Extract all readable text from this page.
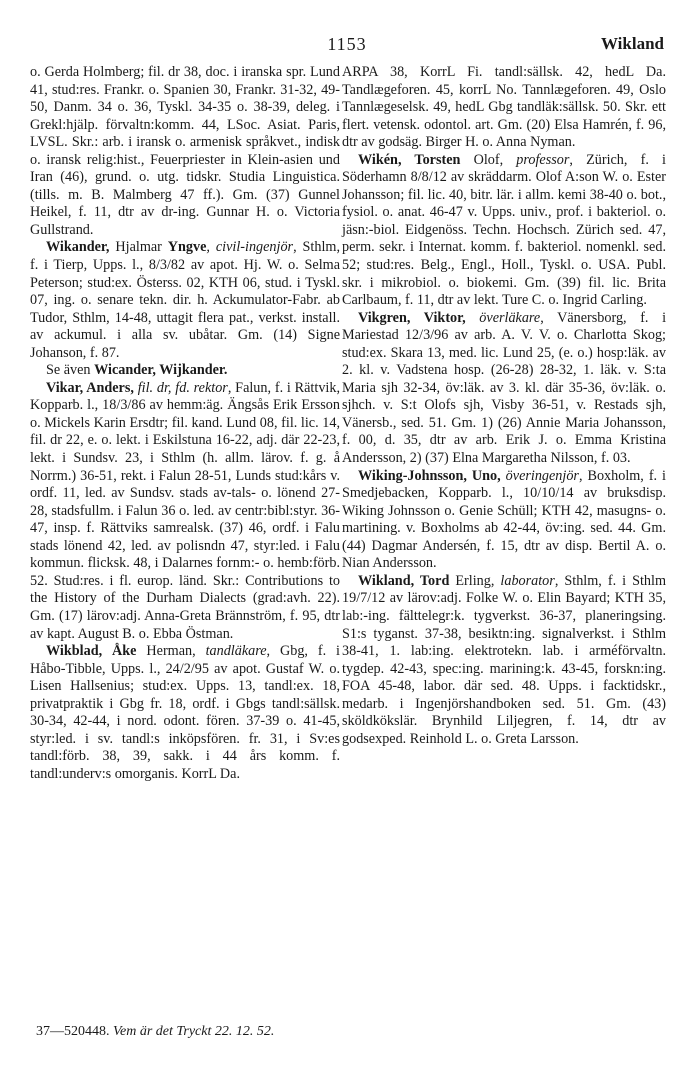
1153	Wikland

o. Gerda Holmberg; fil. dr 38, doc. i iranska spr. Lund 41, stud:res. Frankr. o. Spanien 30, Frankr. 31-32, 49-50, Danm. 34 o. 36, Tyskl. 34-35 o. 38-39, deleg. i Grekl:hjälp. förvaltn:komm. 44, LSoc. Asiat. Paris, LVSL. Skr.: arb. i iransk o. armenisk språkvet., indisk o. iransk relig:hist., Feuerpriester in Klein-asien und Iran (46), grund. o. utg. tidskr. Studia Linguistica. (tills. m. B. Malmberg 47 ff.). Gm. (37) Gunnel Heikel, f. 11, dtr av dr-ing. Gunnar H. o. Victoria Gullstrand.

Wikander, Hjalmar Yngve, civil-ingenjör, Sthlm, f. i Tierp, Upps. l., 8/3/82 av apot. Hj. W. o. Selma Peterson; stud:ex. Österss. 02, KTH 06, stud. i Tyskl. 07, ing. o. senare tekn. dir. h. Ackumulator-Fabr. ab Tudor, Sthlm, 14-48, uttagit flera pat., verkst. install. av ackumul. i alla sv. ubåtar. Gm. (14) Signe Johanson, f. 87.

Se även Wicander, Wijkander.

Vikar, Anders, fil. dr, fd. rektor, Falun, f. i Rättvik, Kopparb. l., 18/3/86 av hemm:äg. Ängsås Erik Ersson o. Mickels Karin Ersdtr; fil. kand. Lund 08, fil. lic. 14, fil. dr 22, e. o. lekt. i Eskilstuna 16-22, adj. där 22-23, lekt. i Sundsv. 23, i Sthlm (h. allm. lärov. f. g. å Norrm.) 36-51, rekt. i Falun 28-51, Lunds stud:kårs v. ordf. 11, led. av Sundsv. stads av-tals- o. lönend 27-28, stadsfullm. i Falun 36 o. led. av centr:bibl:styr. 36-47, insp. f. Rättviks samrealsk. (37) 46, ordf. i Falu stads lönend 42, led. av polisndn 47, styr:led. i Falu kommun. flicksk. 48, i Dalarnes fornm:- o. hemb:förb. 52. Stud:res. i fl. europ. länd. Skr.: Contributions to the History of the Durham Dialects (grad:avh. 22). Gm. (17) lärov:adj. Anna-Greta Brännström, f. 95, dtr av kapt. August B. o. Ebba Östman.

Wikblad, Åke Herman, tandläkare, Gbg, f. i Håbo-Tibble, Upps. l., 24/2/95 av apot. Gustaf W. o. Lisen Hallsenius; stud:ex. Upps. 13, tandl:ex. 18, privatpraktik i Gbg fr. 18, ordf. i Gbgs tandl:sällsk. 30-34, 42-44, i nord. odont. fören. 37-39 o. 41-45, styr:led. i sv. tandl:s inköpsfören. fr. 31, i Sv:es tandl:förb. 38, 39, sakk. i 44 års komm. f. tandl:underv:s omorganis. KorrL Da.

ARPA 38, KorrL Fi. tandl:sällsk. 42, hedL Da. Tandlægeforen. 45, korrL No. Tannlægeforen. 49, Oslo Tannlægeselsk. 49, hedL Gbg tandläk:sällsk. 50. Skr. ett flert. vetensk. odontol. art. Gm. (20) Elsa Hamrén, f. 96, dtr av godsäg. Birger H. o. Anna Nyman.

Wikén, Torsten Olof, professor, Zürich, f. i Söderhamn 8/8/12 av skräddarm. Olof A:son W. o. Ester Johansson; fil. lic. 40, bitr. lär. i allm. kemi 38-40 o. bot., fysiol. o. anat. 46-47 v. Upps. univ., prof. i bakteriol. o. jäsn:-biol. Eidgenöss. Techn. Hochsch. Zürich sed. 47, perm. sekr. i Internat. komm. f. bakteriol. nomenkl. sed. 52; stud:res. Belg., Engl., Holl., Tyskl. o. USA. Publ. skr. i mikrobiol. o. biokemi. Gm. (39) fil. lic. Brita Carlbaum, f. 11, dtr av lekt. Ture C. o. Ingrid Carling.

Vikgren, Viktor, överläkare, Vänersborg, f. i Mariestad 12/3/96 av arb. A. V. V. o. Charlotta Skog; stud:ex. Skara 13, med. lic. Lund 25, (e. o.) hosp:läk. av 2. kl. v. Vadstena hosp. (26-28) 28-32, 1. läk. v. S:ta Maria sjh 32-34, öv:läk. av 3. kl. där 35-36, öv:läk. o. sjhch. v. S:t Olofs sjh, Visby 36-51, v. Restads sjh, Vänersb., sed. 51. Gm. 1) (26) Annie Maria Johansson, f. 00, d. 35, dtr av arb. Erik J. o. Emma Kristina Andersson, 2) (37) Elna Margaretha Nilsson, f. 03.

Wiking-Johnsson, Uno, överingenjör, Boxholm, f. i Smedjebacken, Kopparb. l., 10/10/14 av bruksdisp. Wiking Johnsson o. Genie Schüll; KTH 42, masugns- o. martining. v. Boxholms ab 42-44, öv:ing. sed. 44. Gm. (44) Dagmar Andersén, f. 15, dtr av disp. Bertil A. o. Nian Andersson.

Wikland, Tord Erling, laborator, Sthlm, f. i Sthlm 19/7/12 av lärov:adj. Folke W. o. Elin Bayard; KTH 35, lab:-ing. fälttelegr:k. tygverkst. 36-37, planeringsing. S1:s tyganst. 37-38, besiktn:ing. signalverkst. i Sthlm 38-41, 1. lab:ing. elektrotekn. lab. i arméförvaltn. tygdep. 42-43, spec:ing. marining:k. 43-45, forskn:ing. FOA 45-48, labor. där sed. 48. Upps. i facktidskr., medarb. i Ingenjörshandboken sed. 51. Gm. (43) sköldkökslär. Brynhild Liljegren, f. 14, dtr av godsexped. Reinhold L. o. Greta Larsson.

37—520448. Vem är det Tryckt 22. 12. 52.
